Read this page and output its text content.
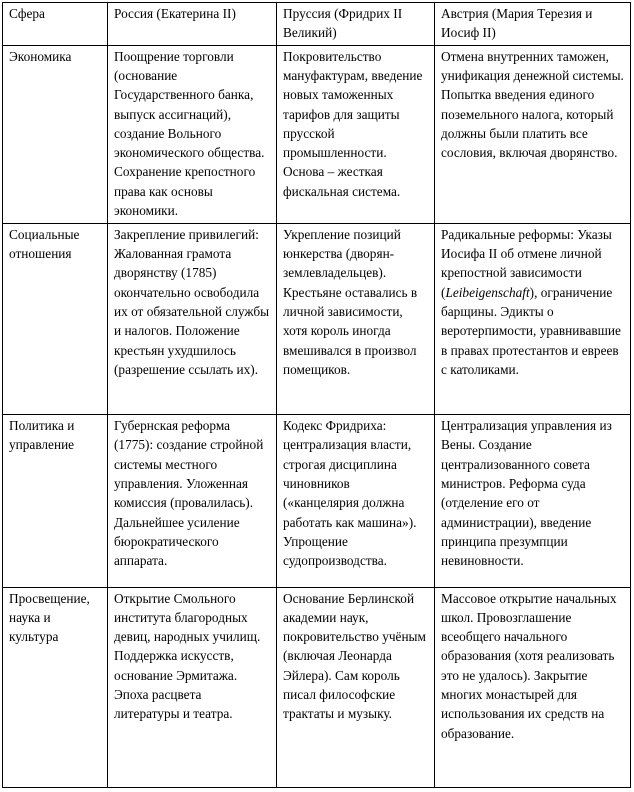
Сфера	Россия (Екатерина II)	Пруссия (Фридрих II Великий)	Австрия (Мария Терезия и Иосиф II)
Экономика	Поощрение торговли (основание Государственного банка, выпуск ассигнаций), создание Вольного экономического общества. Сохранение крепостного права как основы экономики.	Покровительство мануфактурам, введение новых таможенных тарифов для защиты прусской промышленности. Основа – жесткая фискальная система.	Отмена внутренних таможен, унификация денежной системы. Попытка введения единого поземельного налога, который должны были платить все сословия, включая дворянство.
Социальные отношения	Закрепление привилегий: Жалованная грамота дворянству (1785) окончательно освободила их от обязательной службы и налогов. Положение крестьян ухудшилось (разрешение ссылать их).	Укрепление позиций юнкерства (дворян-землевладельцев). Крестьяне оставались в личной зависимости, хотя король иногда вмешивался в произвол помещиков.	Радикальные реформы: Указы Иосифа II об отмене личной крепостной зависимости (Leibeigenschaft), ограничение барщины. Эдикты о веротерпимости, уравнивавшие в правах протестантов и евреев с католиками.
Политика и управление	Губернская реформа (1775): создание стройной системы местного управления. Уложенная комиссия (провалилась). Дальнейшее усиление бюрократического аппарата.	Кодекс Фридриха: централизация власти, строгая дисциплина чиновников («канцелярия должна работать как машина»). Упрощение судопроизводства.	Централизация управления из Вены. Создание централизованного совета министров. Реформа суда (отделение его от администрации), введение принципа презумпции невиновности.
Просвещение, наука и культура	Открытие Смольного института благородных девиц, народных училищ. Поддержка искусств, основание Эрмитажа. Эпоха расцвета литературы и театра.	Основание Берлинской академии наук, покровительство учёным (включая Леонарда Эйлера). Сам король писал философские трактаты и музыку.	Массовое открытие начальных школ. Провозглашение всеобщего начального образования (хотя реализовать это не удалось). Закрытие многих монастырей для использования их средств на образование.
